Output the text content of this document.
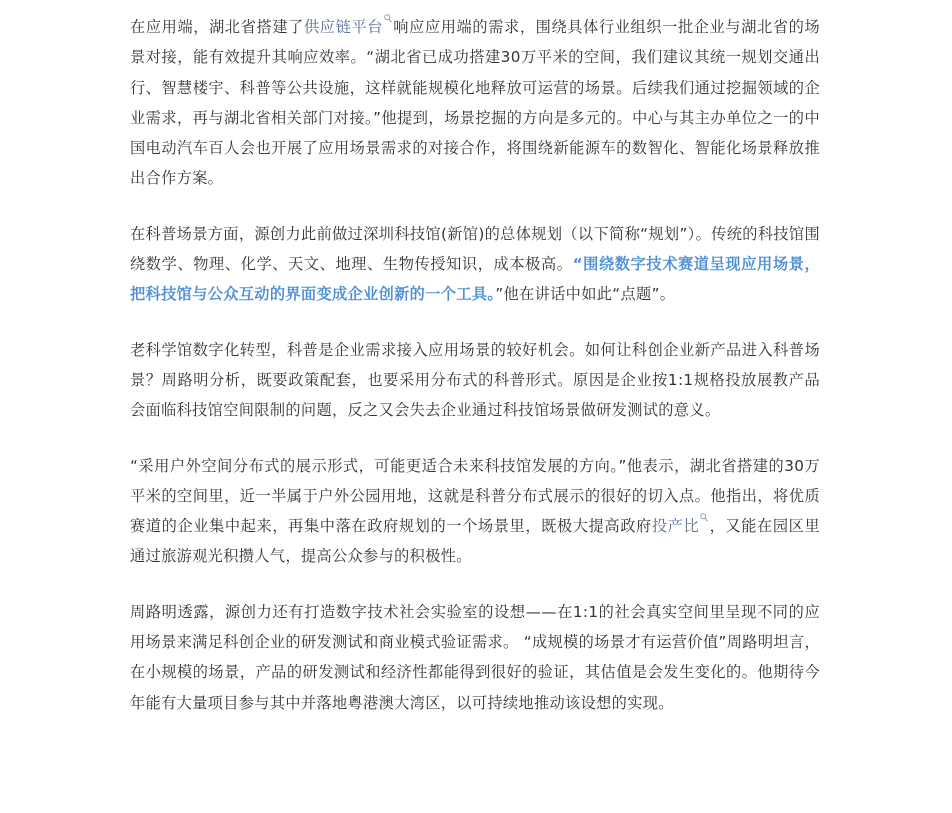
在应用端，湖北省搭建了供应链平台 响应应用端的需求，围绕具体行业组织一批企业与湖北省的场景对接，能有效提升其响应效率。“湖北省已成功搭建30万平米的空间，我们建议其统一规划交通出行、智慧楼宇、科普等公共设施，这样就能规模化地释放可运营的场景。后续我们通过挖掘领域的企业需求，再与湖北省相关部门对接。”他提到，场景挖掘的方向是多元的。中心与其主办单位之一的中国电动汽车百人会也开展了应用场景需求的对接合作，将围绕新能源车的数智化、智能化场景释放推出合作方案。

在科普场景方面，源创力此前做过深圳科技馆(新馆)的总体规划（以下简称“规划”）。传统的科技馆围绕数学、物理、化学、天文、地理、生物传授知识，成本极高。“围绕数字技术赛道呈现应用场景，把科技馆与公众互动的界面变成企业创新的一个工具。”他在讲话中如此“点题”。

老科学馆数字化转型，科普是企业需求接入应用场景的较好机会。如何让科创企业新产品进入科普场景？周路明分析，既要政策配套，也要采用分布式的科普形式。原因是企业按1:1规格投放展教产品会面临科技馆空间限制的问题，反之又会失去企业通过科技馆场景做研发测试的意义。

“采用户外空间分布式的展示形式，可能更适合未来科技馆发展的方向。”他表示，湖北省搭建的30万平米的空间里，近一半属于户外公园用地，这就是科普分布式展示的很好的切入点。他指出，将优质赛道的企业集中起来，再集中落在政府规划的一个场景里，既极大提高政府投产比 ，又能在园区里通过旅游观光积攒人气，提高公众参与的积极性。

周路明透露，源创力还有打造数字技术社会实验室的设想——在1:1的社会真实空间里呈现不同的应用场景来满足科创企业的研发测试和商业模式验证需求。 “成规模的场景才有运营价值”周路明坦言，在小规模的场景，产品的研发测试和经济性都能得到很好的验证，其估值是会发生变化的。他期待今年能有大量项目参与其中并落地粤港澳大湾区，以可持续地推动该设想的实现。
